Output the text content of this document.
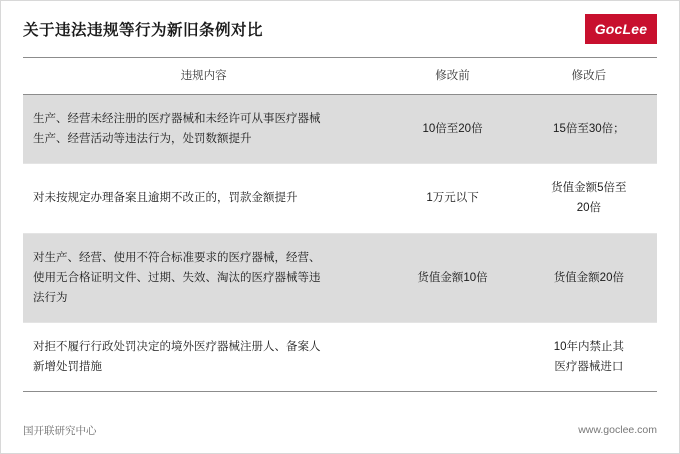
关于违法违规等行为新旧条例对比	GocLee
违规内容	修改前	修改后
生产、经营未经注册的医疗器械和未经许可从事医疗器械
生产、经营活动等违法行为，处罚数额提升	10倍至20倍	15倍至30倍；
对未按规定办理备案且逾期不改正的，罚款金额提升	1万元以下	货值金额5倍至
20倍
对生产、经营、使用不符合标准要求的医疗器械，经营、
使用无合格证明文件、过期、失效、淘汰的医疗器械等违
法行为	货值金额10倍	货值金额20倍
对拒不履行行政处罚决定的境外医疗器械注册人、备案人
新增处罚措施		10年内禁止其
医疗器械进口
国开联研究中心	www.goclee.com
